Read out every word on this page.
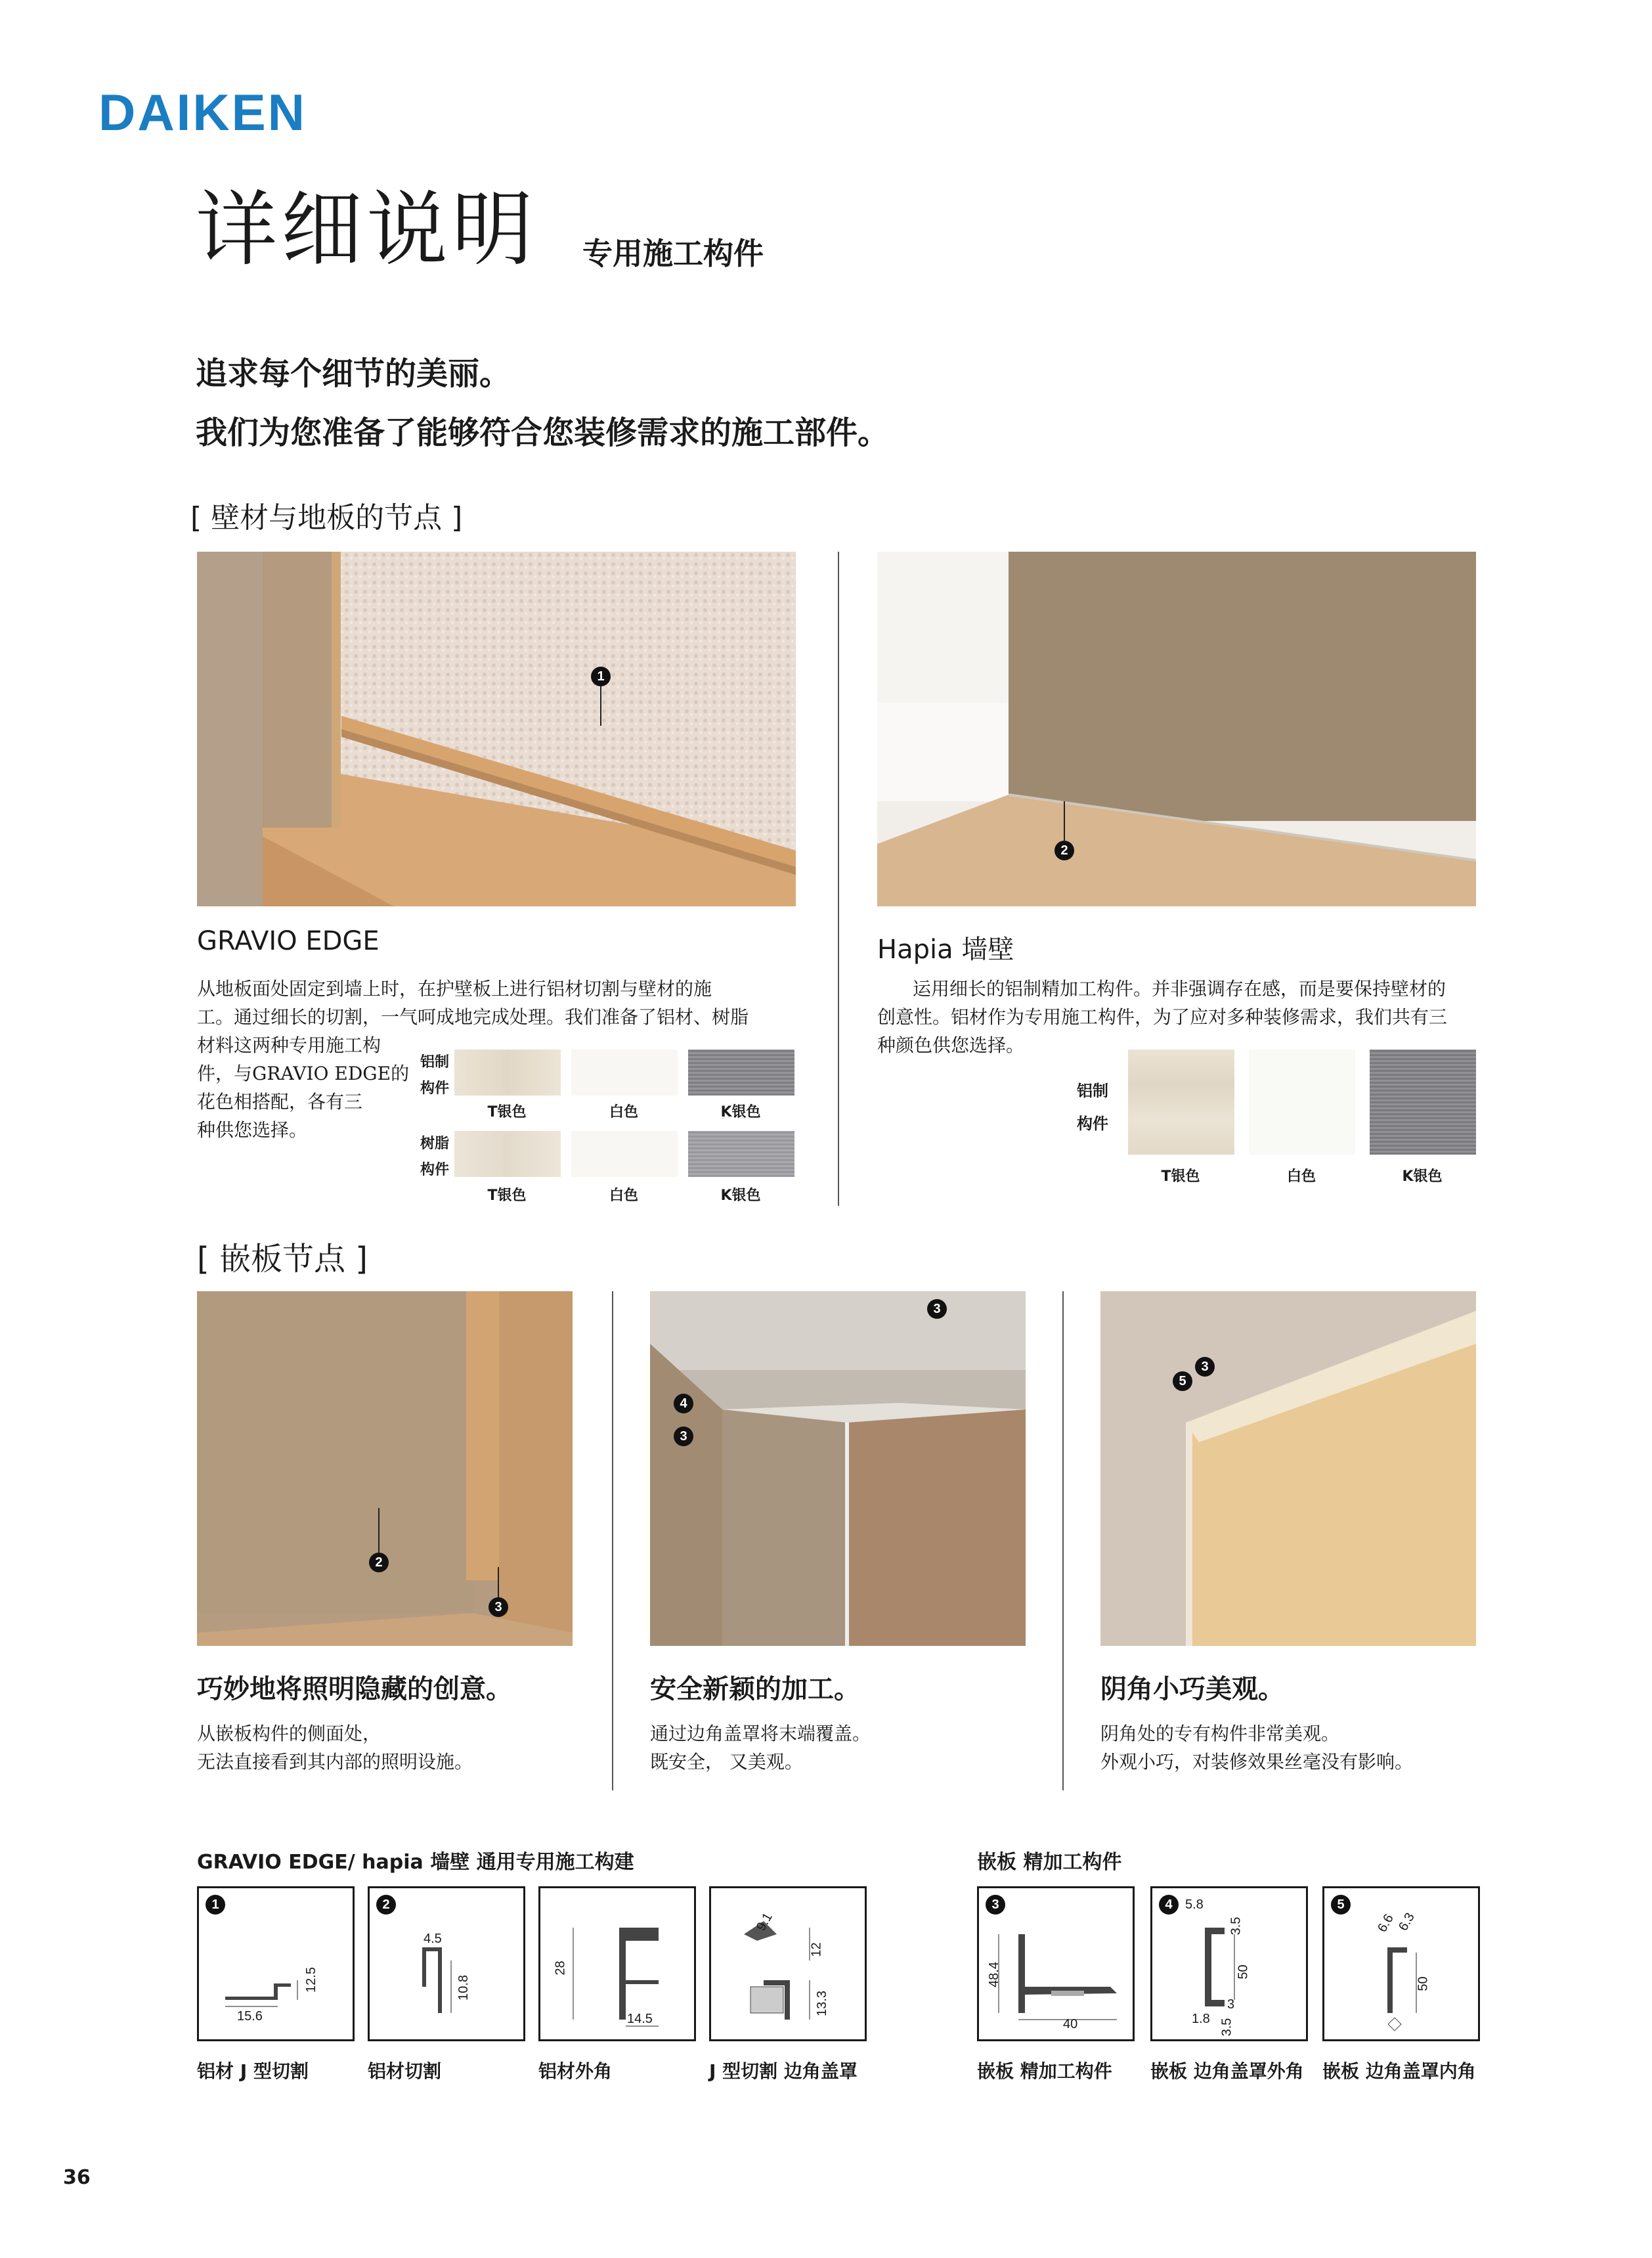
DAIKEN
详细说明 专用施工构件
追求每个细节的美丽。
我们为您准备了能够符合您装修需求的施工部件。
[ 壁材与地板的节点 ]
1
2
GRAVIO EDGE
从地板面处固定到墙上时，在护壁板上进行铝材切割与壁材的施
工。通过细长的切割，一气呵成地完成处理。我们准备了铝材、树脂
材料这两种专用施工构
件，与GRAVIO EDGE的
花色相搭配，各有三
种供您选择。
铝制
构件
T银色	白色	K银色
树脂
构件
T银色	白色	K银色
Hapia 墙壁
运用细长的铝制精加工构件。并非强调存在感，而是要保持壁材的
创意性。铝材作为专用施工构件，为了应对多种装修需求，我们共有三
种颜色供您选择。
铝制
构件
T银色	白色	K银色
[ 嵌板节点 ]
2
3
3
4
3
5
3
巧妙地将照明隐藏的创意。
从嵌板构件的侧面处，
无法直接看到其内部的照明设施。
安全新颖的加工。
通过边角盖罩将末端覆盖。
既安全， 又美观。
阴角小巧美观。
阴角处的专有构件非常美观。
外观小巧，对装修效果丝毫没有影响。
GRAVIO EDGE/ hapia 墙壁 通用专用施工构建	嵌板 精加工构件
1
12.5
15.6
铝材 J 型切割
2
4.5
10.8
铝材切割
28
14.5
铝材外角
9.1
12
13.3
J 型切割 边角盖罩
3
48.4
40
嵌板 精加工构件
4 5.8
3.5
50
3
1.8 3.5
嵌板 边角盖罩外角
5
6.6 6.3
50
嵌板 边角盖罩内角
36
